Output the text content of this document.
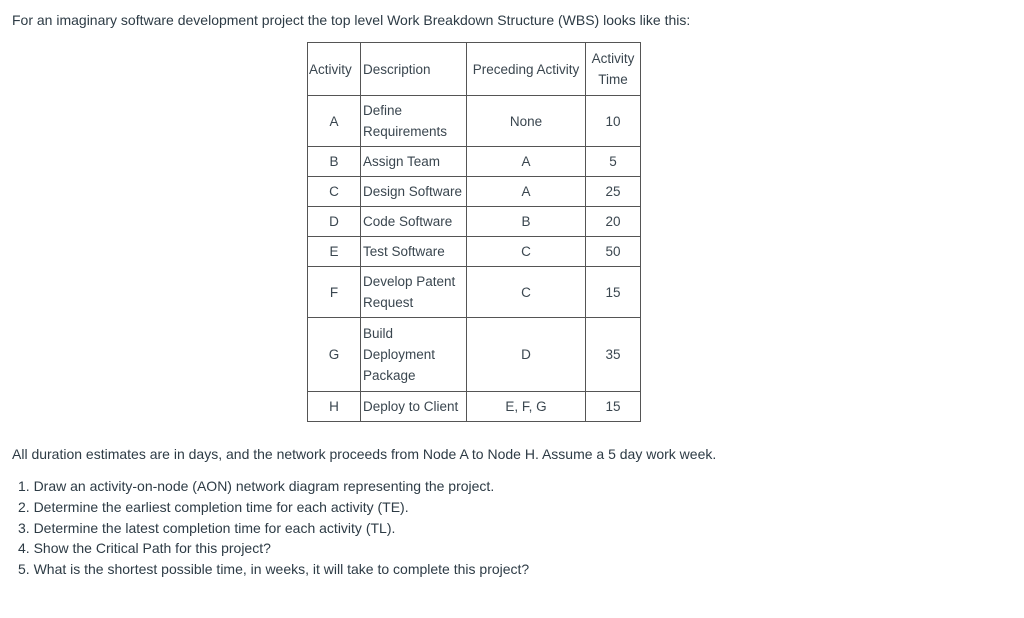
For an imaginary software development project the top level Work Breakdown Structure (WBS) looks like this:

Activity	Description	Preceding Activity	Activity Time
A	Define Requirements	None	10
B	Assign Team	A	5
C	Design Software	A	25
D	Code Software	B	20
E	Test Software	C	50
F	Develop Patent Request	C	15
G	Build Deployment Package	D	35
H	Deploy to Client	E, F, G	15

All duration estimates are in days, and the network proceeds from Node A to Node H. Assume a 5 day work week.

1. Draw an activity-on-node (AON) network diagram representing the project.
2. Determine the earliest completion time for each activity (TE).
3. Determine the latest completion time for each activity (TL).
4. Show the Critical Path for this project?
5. What is the shortest possible time, in weeks, it will take to complete this project?
